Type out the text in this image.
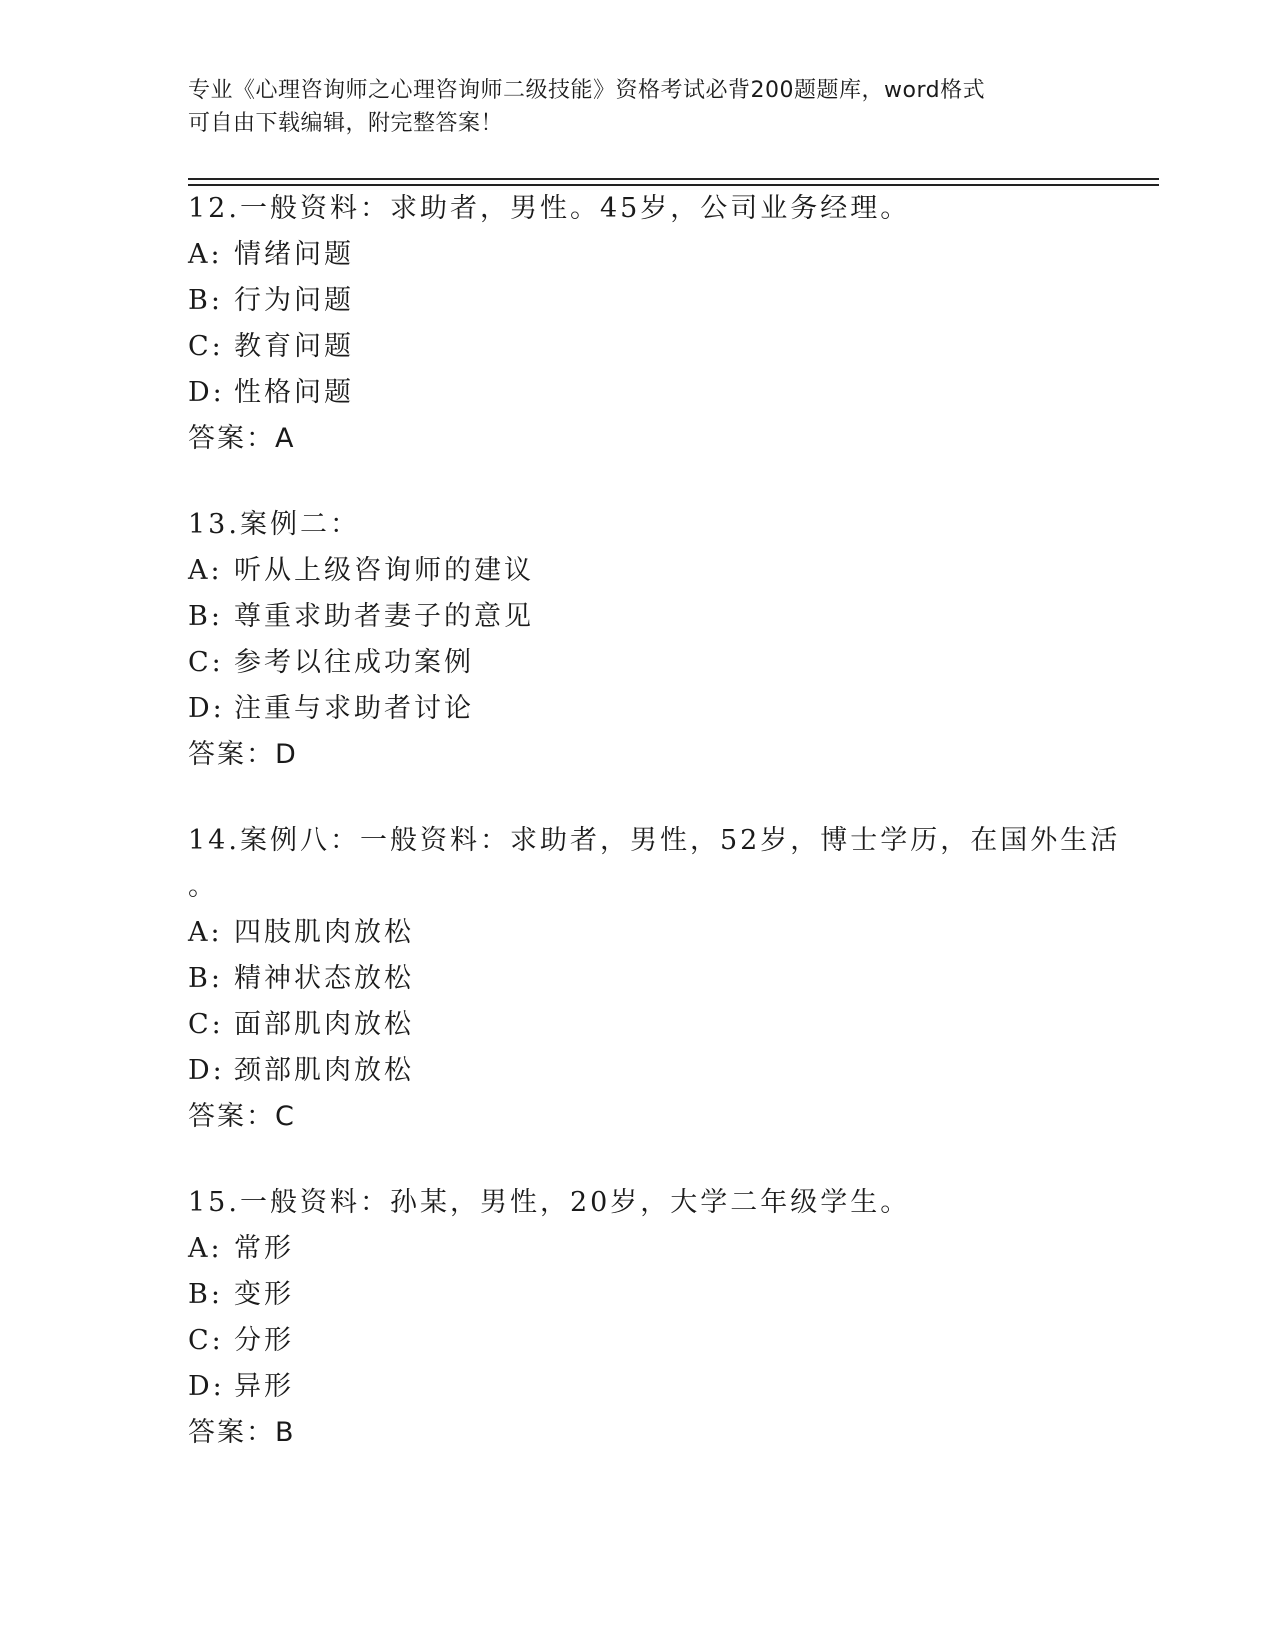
专业《心理咨询师之心理咨询师二级技能》资格考试必背200题题库，word格式
可自由下载编辑，附完整答案！

12.一般资料：求助者，男性。45岁，公司业务经理。

A: 情绪问题

B: 行为问题

C: 教育问题

D: 性格问题

答案：A

13.案例二：

A: 听从上级咨询师的建议

B: 尊重求助者妻子的意见

C: 参考以往成功案例

D: 注重与求助者讨论

答案：D

14.案例八：一般资料：求助者，男性，52岁，博士学历，在国外生活

。

A: 四肢肌肉放松

B: 精神状态放松

C: 面部肌肉放松

D: 颈部肌肉放松

答案：C

15.一般资料：孙某，男性，20岁，大学二年级学生。

A: 常形

B: 变形

C: 分形

D: 异形

答案：B
